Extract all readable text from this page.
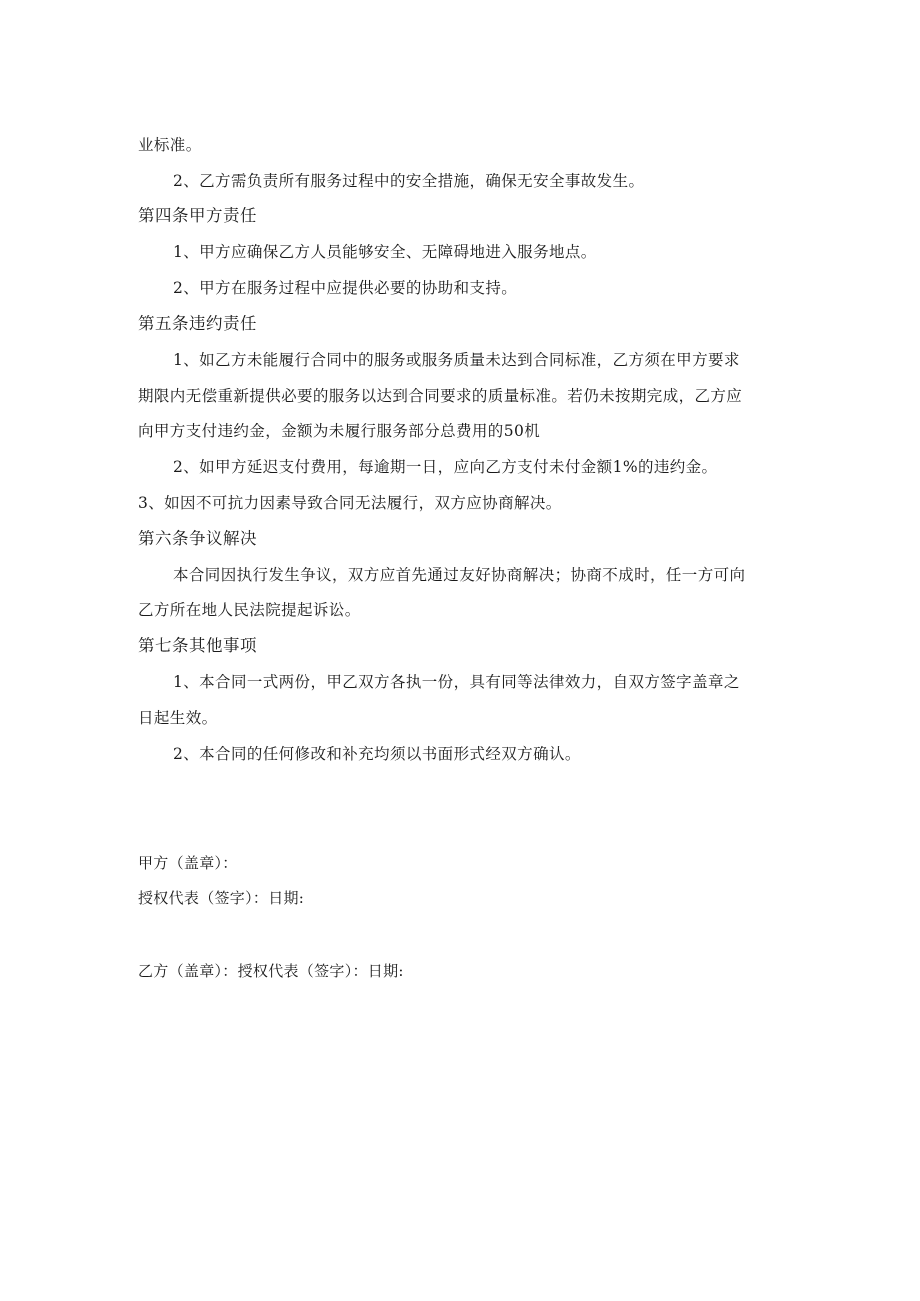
业标准。
2、乙方需负责所有服务过程中的安全措施，确保无安全事故发生。
第四条甲方责任
1、甲方应确保乙方人员能够安全、无障碍地进入服务地点。
2、甲方在服务过程中应提供必要的协助和支持。
第五条违约责任
1、如乙方未能履行合同中的服务或服务质量未达到合同标准，乙方须在甲方要求
期限内无偿重新提供必要的服务以达到合同要求的质量标准。若仍未按期完成，乙方应
向甲方支付违约金，金额为未履行服务部分总费用的50机
2、如甲方延迟支付费用，每逾期一日，应向乙方支付未付金额1%的违约金。
3、如因不可抗力因素导致合同无法履行，双方应协商解决。
第六条争议解决
本合同因执行发生争议，双方应首先通过友好协商解决；协商不成时，任一方可向
乙方所在地人民法院提起诉讼。
第七条其他事项
1、本合同一式两份，甲乙双方各执一份，具有同等法律效力，自双方签字盖章之
日起生效。
2、本合同的任何修改和补充均须以书面形式经双方确认。
甲方（盖章）：
授权代表（签字）：日期:
乙方（盖章）：授权代表（签字）：日期:
